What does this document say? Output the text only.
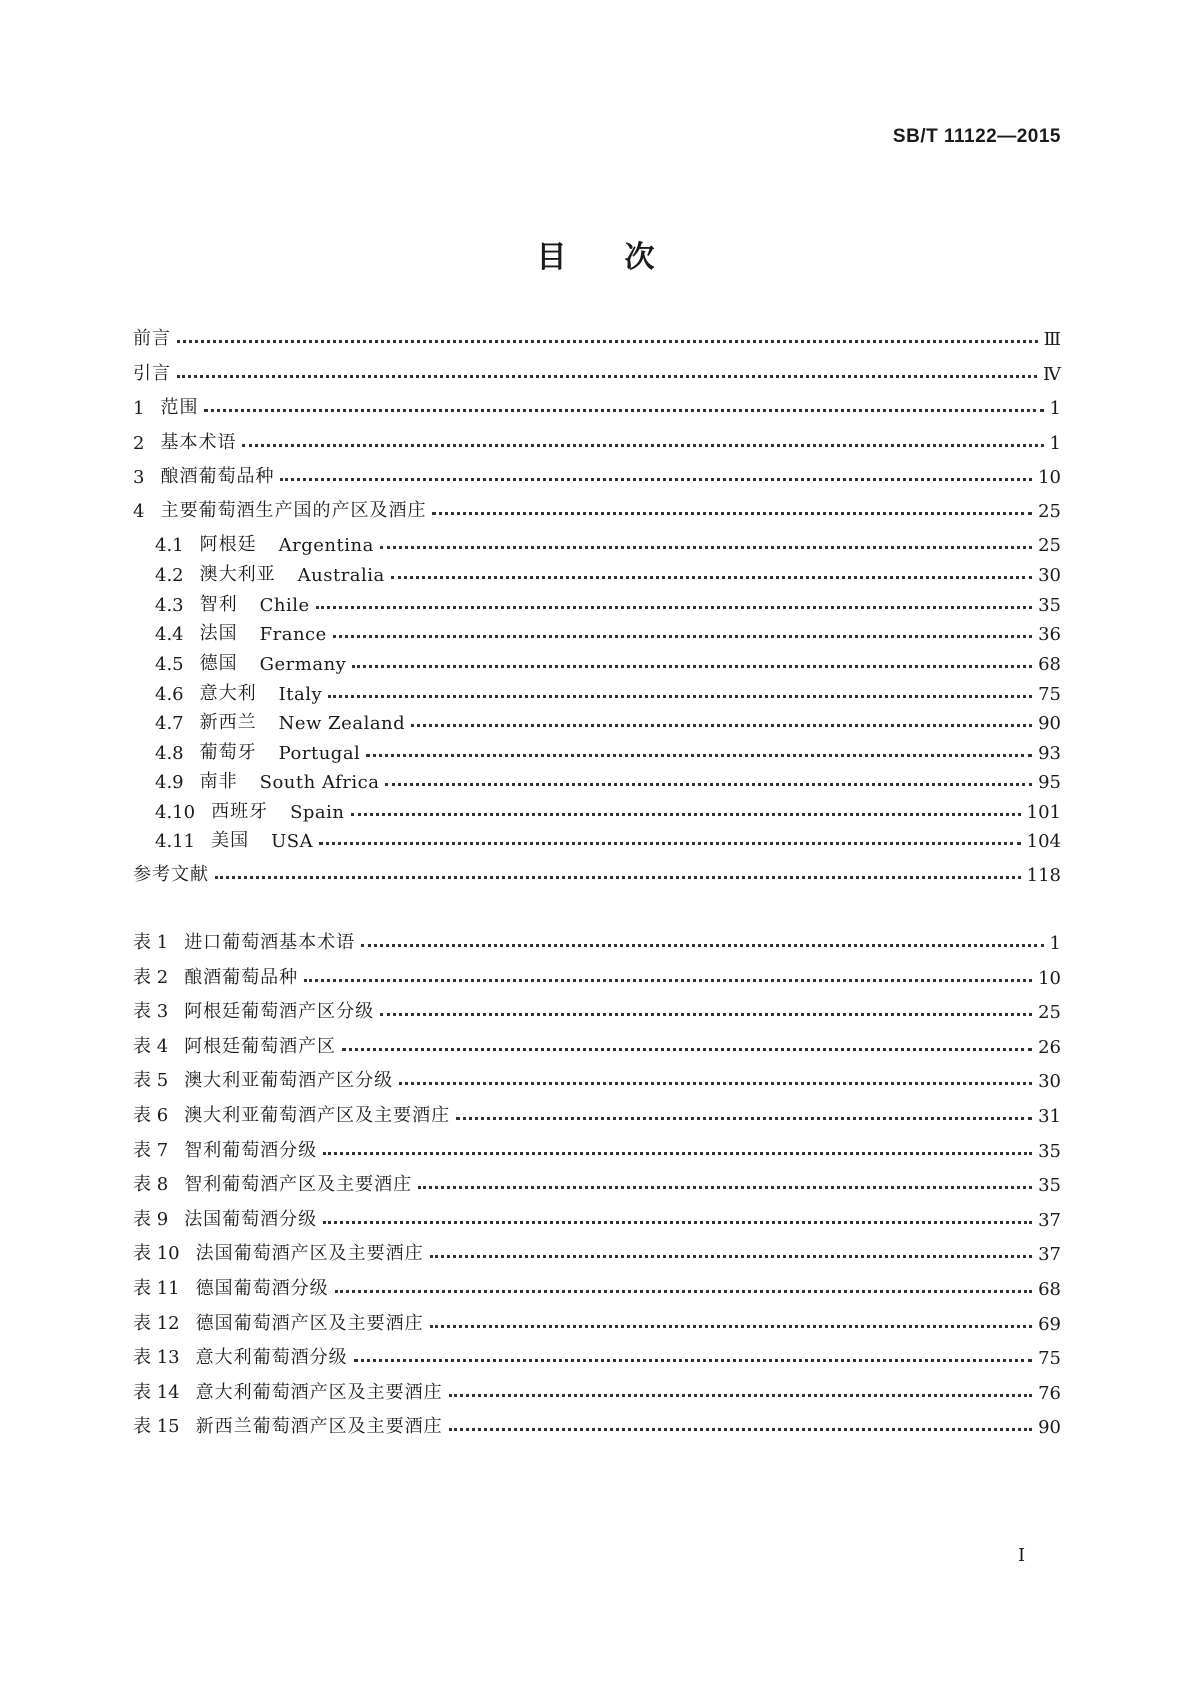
SB/T 11122—2015
目次
前言	Ⅲ
引言	Ⅳ
1 范围	1
2 基本术语	1
3 酿酒葡萄品种	10
4 主要葡萄酒生产国的产区及酒庄	25
4.1 阿根廷 Argentina	25
4.2 澳大利亚 Australia	30
4.3 智利 Chile	35
4.4 法国 France	36
4.5 德国 Germany	68
4.6 意大利 Italy	75
4.7 新西兰 New Zealand	90
4.8 葡萄牙 Portugal	93
4.9 南非 South Africa	95
4.10 西班牙 Spain	101
4.11 美国 USA	104
参考文献	118
表 1 进口葡萄酒基本术语	1
表 2 酿酒葡萄品种	10
表 3 阿根廷葡萄酒产区分级	25
表 4 阿根廷葡萄酒产区	26
表 5 澳大利亚葡萄酒产区分级	30
表 6 澳大利亚葡萄酒产区及主要酒庄	31
表 7 智利葡萄酒分级	35
表 8 智利葡萄酒产区及主要酒庄	35
表 9 法国葡萄酒分级	37
表 10 法国葡萄酒产区及主要酒庄	37
表 11 德国葡萄酒分级	68
表 12 德国葡萄酒产区及主要酒庄	69
表 13 意大利葡萄酒分级	75
表 14 意大利葡萄酒产区及主要酒庄	76
表 15 新西兰葡萄酒产区及主要酒庄	90
I
